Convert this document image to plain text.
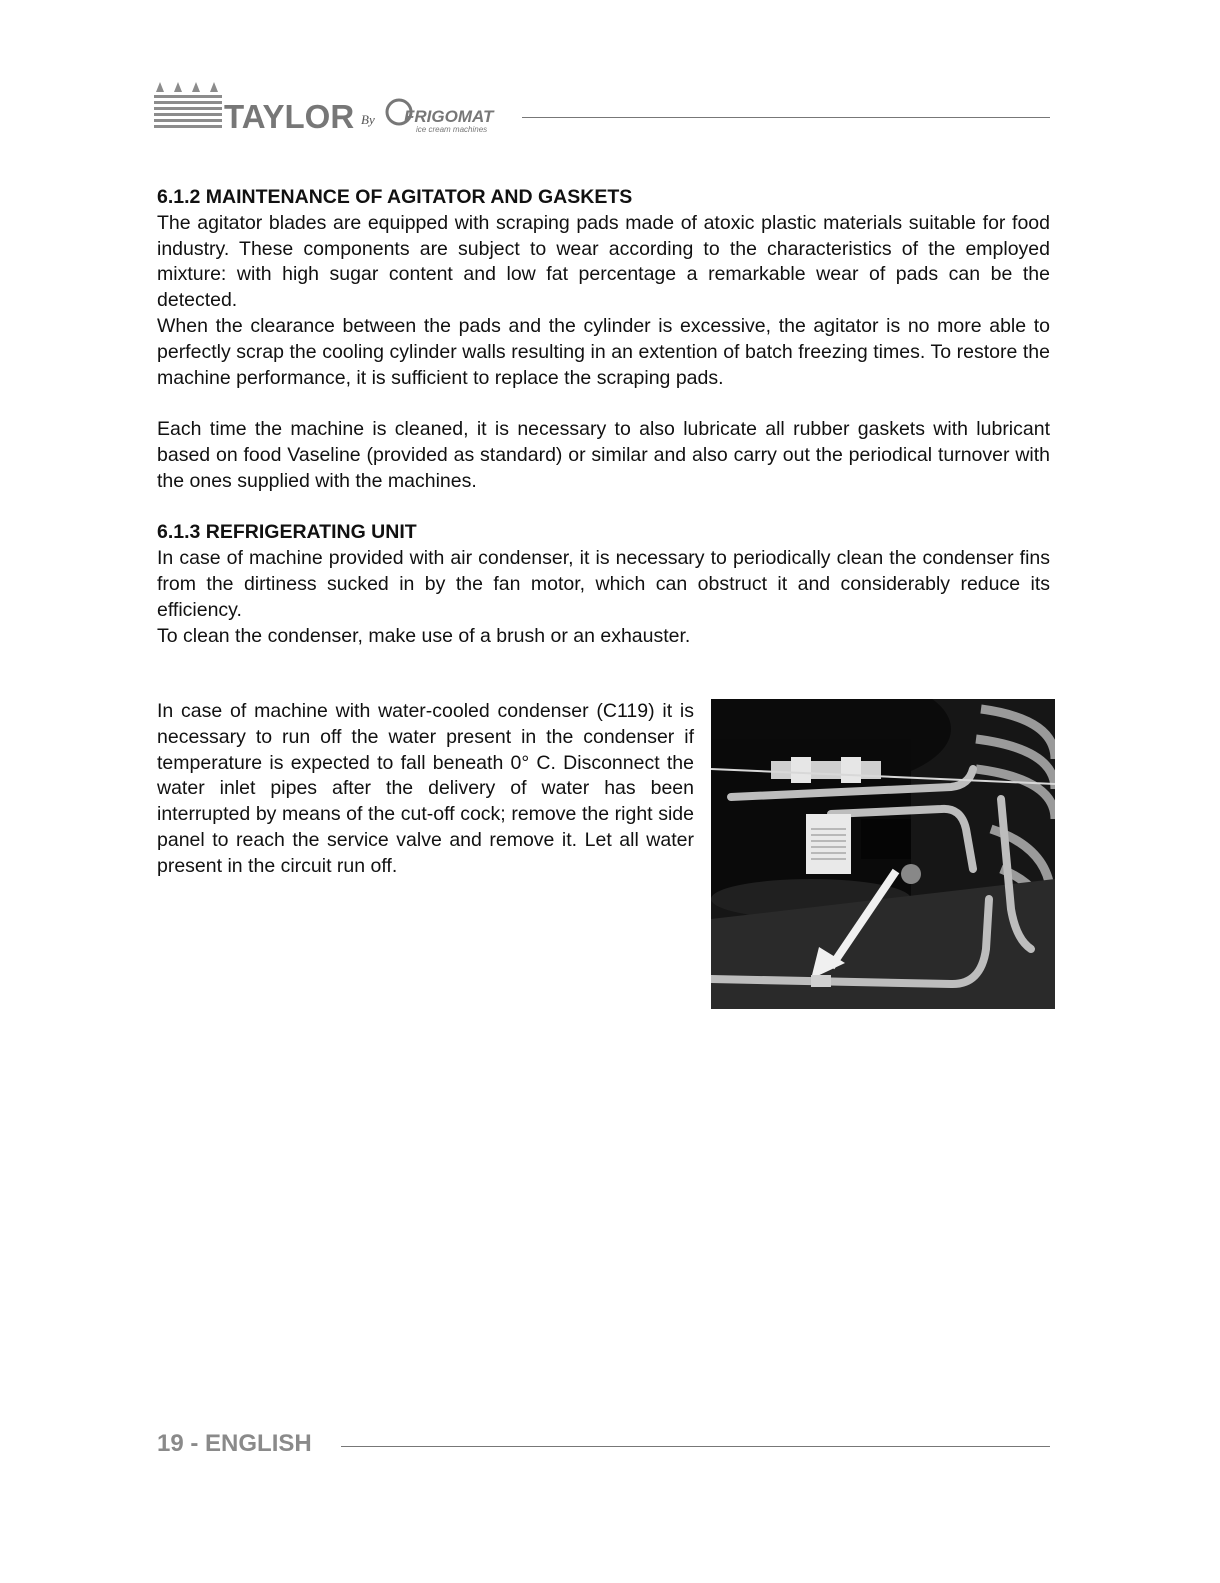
TAYLOR By FRIGOMAT
ice cream machines
6.1.2 MAINTENANCE OF AGITATOR AND GASKETS

The agitator blades are equipped with scraping pads made of atoxic plastic materials suitable for food industry. These components are subject to wear according to the characteristics of the employed mixture: with high sugar content and low fat percentage a remarkable wear of pads can be the detected.

When the clearance between the pads and the cylinder is excessive, the agitator is no more able to perfectly scrap the cooling cylinder walls resulting in an extention of batch freezing times. To restore the machine performance, it is sufficient to replace the scraping pads.

Each time the machine is cleaned, it is necessary to also lubricate all rubber gaskets with lubricant based on food Vaseline (provided as standard) or similar and also carry out the periodical turnover with the ones supplied with the machines.

6.1.3 REFRIGERATING UNIT

In case of machine provided with air condenser, it is necessary to periodically clean the condenser fins from the dirtiness sucked in by the fan motor, which can obstruct it and considerably reduce its efficiency.

To clean the condenser, make use of a brush or an exhauster.

In case of machine with water-cooled condenser (C119) it is necessary to run off the water present in the condenser if temperature is expected to fall beneath 0° C. Disconnect the water inlet pipes after the delivery of water has been interrupted by means of the cut-off cock; remove the right side panel to reach the service valve and remove it. Let all water present in the circuit run off.

19 - ENGLISH
